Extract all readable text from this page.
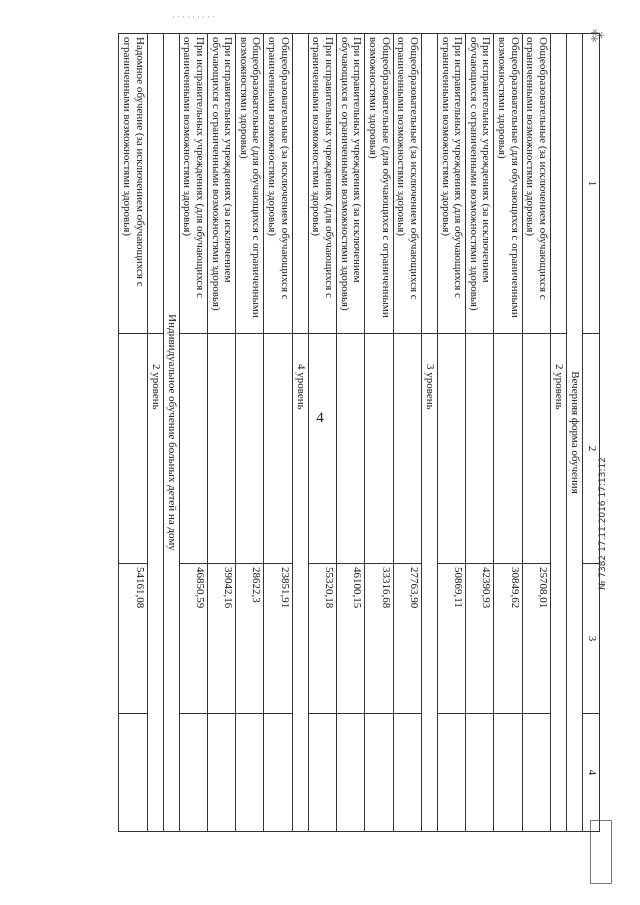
4
·········
⁂
№ 7382 17.11.2016 17:13:12
1	2	3	4
Вечерняя форма обучения			
	2 уровень		
Общеобразовательные (за исключением обучающихся с ограниченными возможностями здоровья)		25708,01	
Общеобразовательные (для обучающихся с ограниченными возможностями здоровья)		30849,62	
При исправительных учреждениях (за исключением обучающихся с ограниченными возможностями здоровья)		42390,93	
При исправительных учреждениях (для обучающихся с ограниченными возможностями здоровья)		50869,11	
	3 уровень		
Общеобразовательные (за исключением обучающихся с ограниченными возможностями здоровья)		27763,90	
Общеобразовательные (для обучающихся с ограниченными возможностями здоровья)		33316,68	
При исправительных учреждениях (за исключением обучающихся с ограниченными возможностями здоровья)		46100,15	
При исправительных учреждениях (для обучающихся с ограниченными возможностями здоровья)		55320,18	
	4 уровень		
Общеобразовательные (за исключением обучающихся с ограниченными возможностями здоровья)		23851,91	
Общеобразовательные (для обучающихся с ограниченными возможностями здоровья)		28622,3	
При исправительных учреждениях (за исключением обучающихся с ограниченными возможностями здоровья)		39042,16	
При исправительных учреждениях (для обучающихся с ограниченными возможностями здоровья)		46850,59	
Индивидуальное обучение больных детей на дому			
	2 уровень		
Надомное обучение (за исключением обучающихся с ограниченными возможностями здоровья)		54161,08	
